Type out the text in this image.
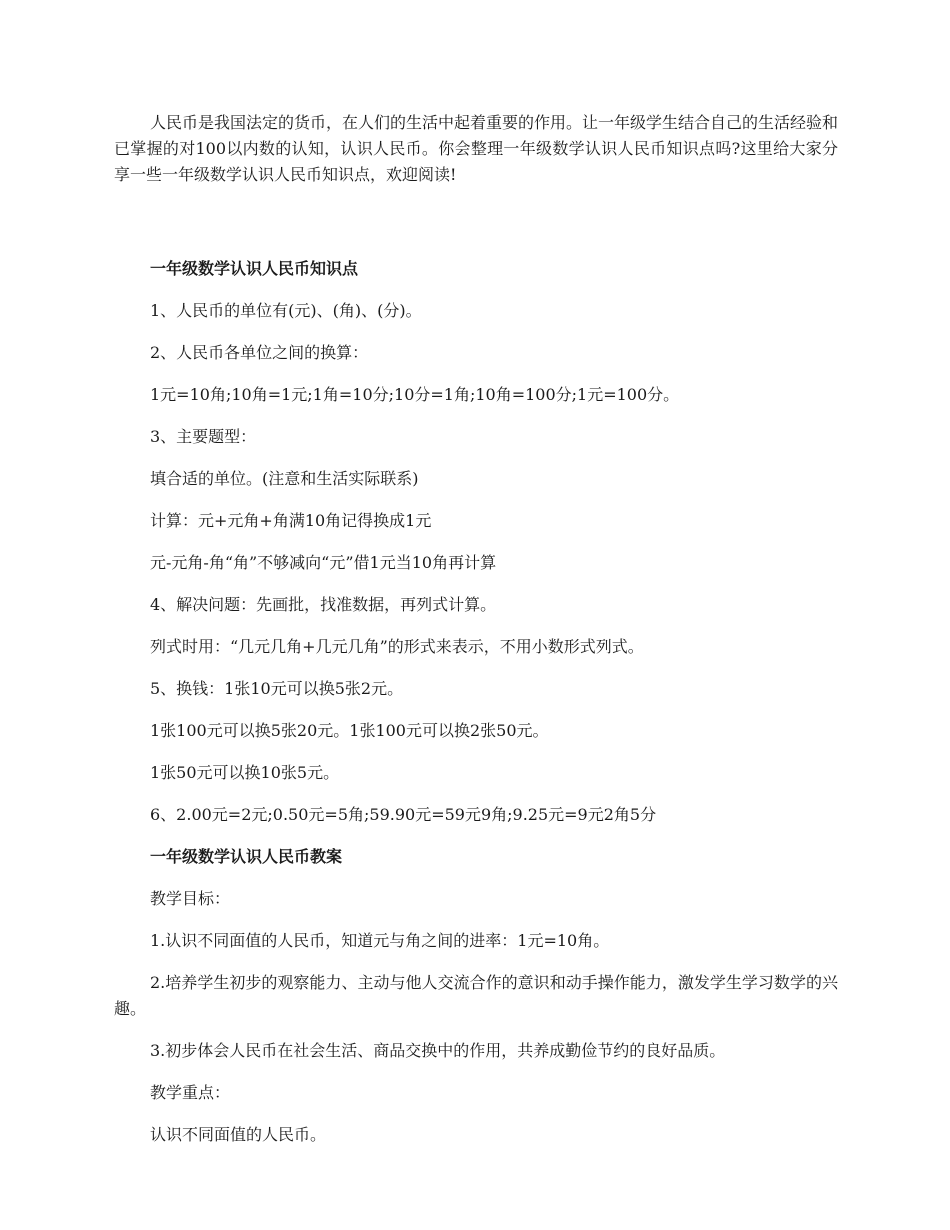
人民币是我国法定的货币，在人们的生活中起着重要的作用。让一年级学生结合自己的生活经验和已掌握的对100以内数的认知，认识人民币。你会整理一年级数学认识人民币知识点吗?这里给大家分享一些一年级数学认识人民币知识点，欢迎阅读!

一年级数学认识人民币知识点

1、人民币的单位有(元)、(角)、(分)。

2、人民币各单位之间的换算：

1元=10角;10角=1元;1角=10分;10分=1角;10角=100分;1元=100分。

3、主要题型：

填合适的单位。(注意和生活实际联系)

计算：元+元角+角满10角记得换成1元

元-元角-角“角”不够减向“元”借1元当10角再计算

4、解决问题：先画批，找准数据，再列式计算。

列式时用：“几元几角+几元几角”的形式来表示，不用小数形式列式。

5、换钱：1张10元可以换5张2元。

1张100元可以换5张20元。1张100元可以换2张50元。

1张50元可以换10张5元。

6、2.00元=2元;0.50元=5角;59.90元=59元9角;9.25元=9元2角5分

一年级数学认识人民币教案

教学目标：

1.认识不同面值的人民币，知道元与角之间的进率：1元=10角。

2.培养学生初步的观察能力、主动与他人交流合作的意识和动手操作能力，激发学生学习数学的兴趣。

3.初步体会人民币在社会生活、商品交换中的作用，共养成勤俭节约的良好品质。

教学重点：

认识不同面值的人民币。
